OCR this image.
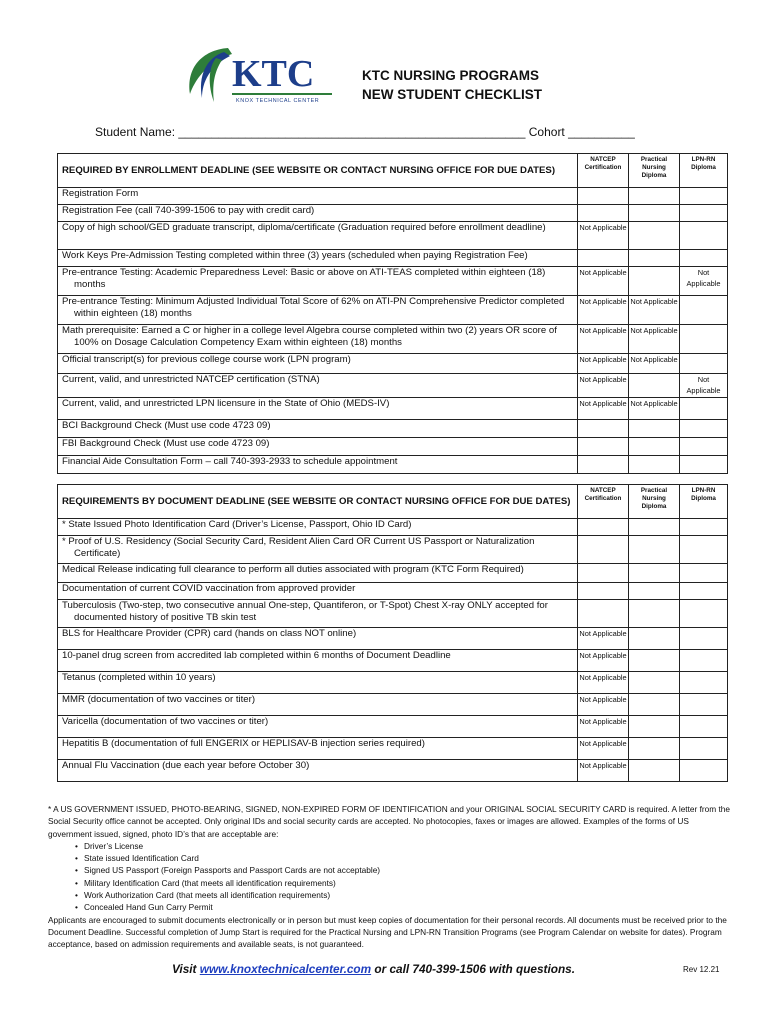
KTC
KNOX TECHNICAL CENTER
KTC NURSING PROGRAMS
NEW STUDENT CHECKLIST
Student Name: ____________________________________________________ Cohort __________
REQUIRED BY ENROLLMENT DEADLINE (SEE WEBSITE OR CONTACT NURSING OFFICE FOR DUE DATES)	NATCEP Certification	Practical Nursing Diploma	LPN-RN Diploma
Registration Form			
Registration Fee (call 740-399-1506 to pay with credit card)			
Copy of high school/GED graduate transcript, diploma/certificate (Graduation required before enrollment deadline)	Not Applicable		
Work Keys Pre-Admission Testing completed within three (3) years (scheduled when paying Registration Fee)			
Pre-entrance Testing: Academic Preparedness Level: Basic or above on ATI-TEAS completed within eighteen (18) months	Not Applicable		Not Applicable
Pre-entrance Testing: Minimum Adjusted Individual Total Score of 62% on ATI-PN Comprehensive Predictor completed within eighteen (18) months	Not Applicable	Not Applicable	
Math prerequisite: Earned a C or higher in a college level Algebra course completed within two (2) years OR score of 100% on Dosage Calculation Competency Exam within eighteen (18) months	Not Applicable	Not Applicable	
Official transcript(s) for previous college course work (LPN program)	Not Applicable	Not Applicable	
Current, valid, and unrestricted NATCEP certification (STNA)	Not Applicable		Not Applicable
Current, valid, and unrestricted LPN licensure in the State of Ohio (MEDS-IV)	Not Applicable	Not Applicable	
BCI Background Check (Must use code 4723 09)			
FBI Background Check (Must use code 4723 09)			
Financial Aide Consultation Form – call 740-393-2933 to schedule appointment			
REQUIREMENTS BY DOCUMENT DEADLINE (SEE WEBSITE OR CONTACT NURSING OFFICE FOR DUE DATES)	NATCEP Certification	Practical Nursing Diploma	LPN-RN Diploma
* State Issued Photo Identification Card (Driver’s License, Passport, Ohio ID Card)			
* Proof of U.S. Residency (Social Security Card, Resident Alien Card OR Current US Passport or Naturalization Certificate)			
Medical Release indicating full clearance to perform all duties associated with program (KTC Form Required)			
Documentation of current COVID vaccination from approved provider			
Tuberculosis (Two-step, two consecutive annual One-step, Quantiferon, or T-Spot) Chest X-ray ONLY accepted for documented history of positive TB skin test			
BLS for Healthcare Provider (CPR) card (hands on class NOT online)	Not Applicable		
10-panel drug screen from accredited lab completed within 6 months of Document Deadline	Not Applicable		
Tetanus (completed within 10 years)	Not Applicable		
MMR (documentation of two vaccines or titer)	Not Applicable		
Varicella (documentation of two vaccines or titer)	Not Applicable		
Hepatitis B (documentation of full ENGERIX or HEPLISAV-B injection series required)	Not Applicable		
Annual Flu Vaccination (due each year before October 30)	Not Applicable		
* A US GOVERNMENT ISSUED, PHOTO-BEARING, SIGNED, NON-EXPIRED FORM OF IDENTIFICATION and your ORIGINAL SOCIAL SECURITY CARD is required. A letter from the Social Security office cannot be accepted. Only original IDs and social security cards are accepted. No photocopies, faxes or images are allowed. Examples of the forms of US government issued, signed, photo ID’s that are acceptable are:
• Driver’s License
• State issued Identification Card
• Signed US Passport (Foreign Passports and Passport Cards are not acceptable)
• Military Identification Card (that meets all identification requirements)
• Work Authorization Card (that meets all identification requirements)
• Concealed Hand Gun Carry Permit
Applicants are encouraged to submit documents electronically or in person but must keep copies of documentation for their personal records. All documents must be received prior to the Document Deadline. Successful completion of Jump Start is required for the Practical Nursing and LPN-RN Transition Programs (see Program Calendar on website for dates). Program acceptance, based on admission requirements and available seats, is not guaranteed.
Visit www.knoxtechnicalcenter.com or call 740-399-1506 with questions.	Rev 12.21
